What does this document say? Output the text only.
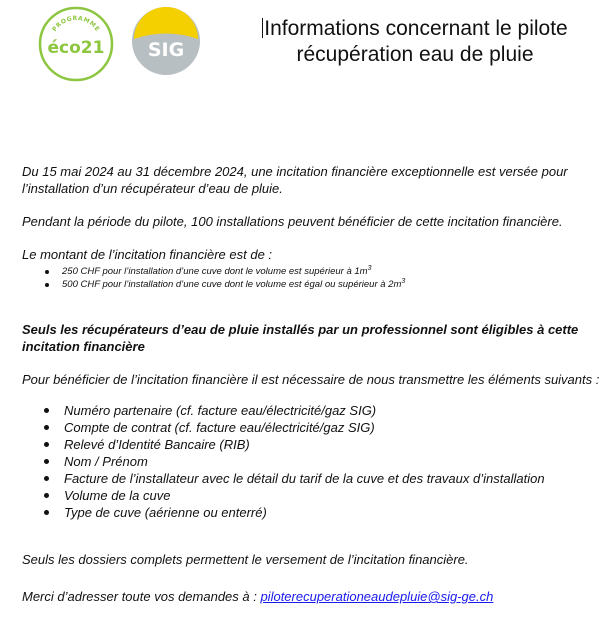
PROGRAMME
éco21 SIG
Informations concernant le pilote
récupération eau de pluie

Du 15 mai 2024 au 31 décembre 2024, une incitation financière exceptionnelle est versée pour
l’installation d’un récupérateur d’eau de pluie.

Pendant la période du pilote, 100 installations peuvent bénéficier de cette incitation financière.

Le montant de l’incitation financière est de :

250 CHF pour l’installation d’une cuve dont le volume est supérieur à $1m^3$
500 CHF pour l’installation d’une cuve dont le volume est égal ou supérieur à $2m^3$

Seuls les récupérateurs d’eau de pluie installés par un professionnel sont éligibles à cette
incitation financière

Pour bénéficier de l’incitation financière il est nécessaire de nous transmettre les éléments suivants :

Numéro partenaire (cf. facture eau/électricité/gaz SIG)
Compte de contrat (cf. facture eau/électricité/gaz SIG)
Relevé d’Identité Bancaire (RIB)
Nom / Prénom
Facture de l’installateur avec le détail du tarif de la cuve et des travaux d’installation
Volume de la cuve
Type de cuve (aérienne ou enterré)

Seuls les dossiers complets permettent le versement de l’incitation financière.

Merci d’adresser toute vos demandes à : piloterecuperationeaudepluie@sig-ge.ch
